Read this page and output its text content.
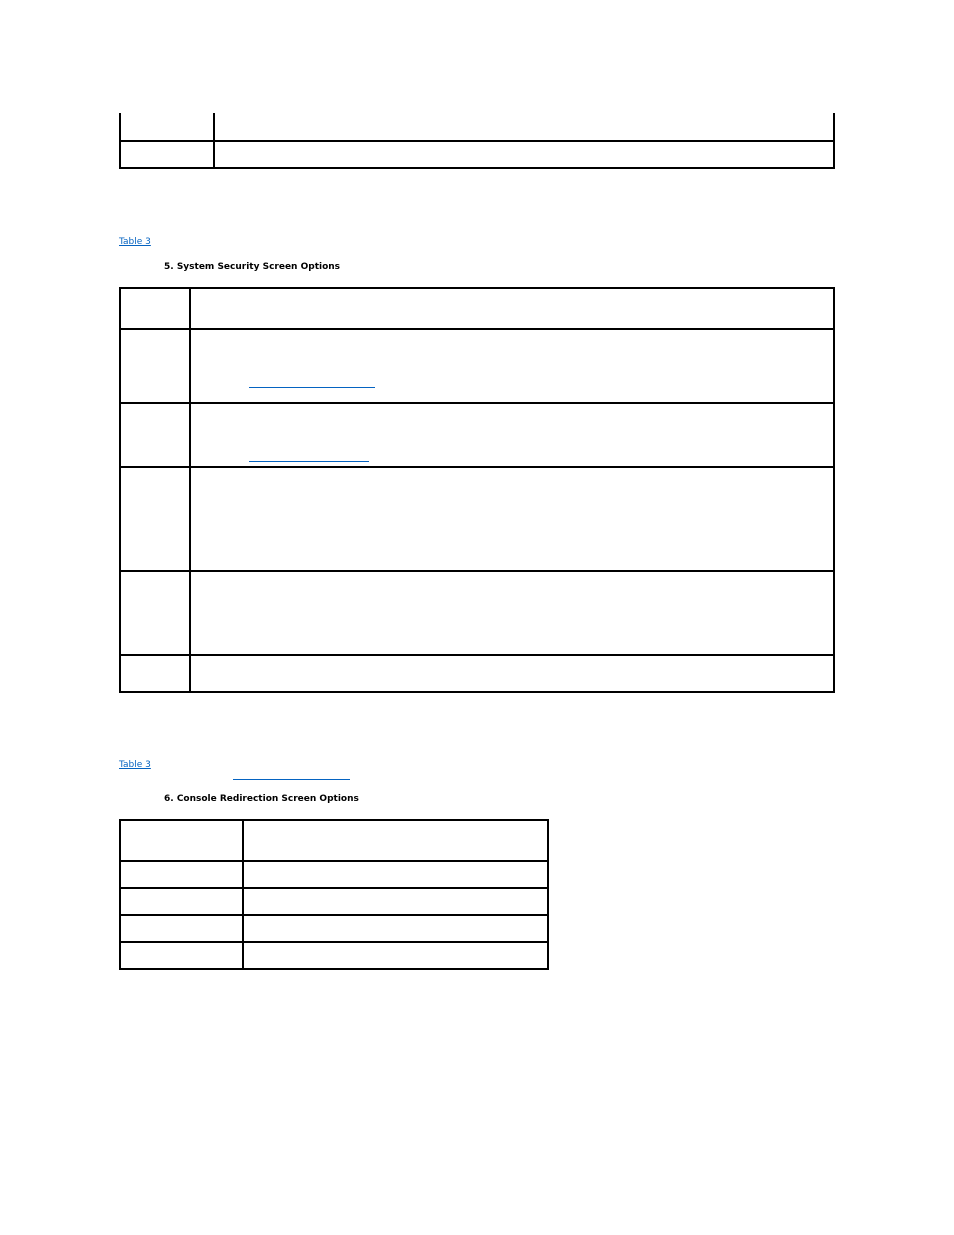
Table 3
5. System Security Screen Options

Table 3
6. Console Redirection Screen Options
